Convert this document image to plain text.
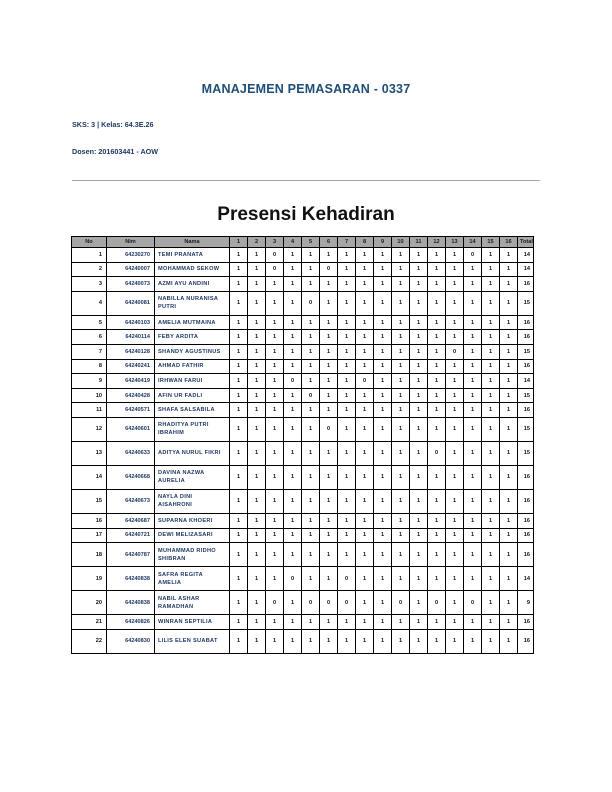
MANAJEMEN PEMASARAN - 0337
SKS: 3 | Kelas: 64.3E.26
Dosen: 201603441 - AOW
Presensi Kehadiran
No	Nim	Nama	1	2	3	4	5	6	7	8	9	10	11	12	13	14	15	16	Total
1	64230270	TEMI PRANATA	1	1	0	1	1	1	1	1	1	1	1	1	1	0	1	1	14
2	64240007	MOHAMMAD SEKOW	1	1	0	1	1	0	1	1	1	1	1	1	1	1	1	1	14
3	64240073	AZMI AYU ANDINI	1	1	1	1	1	1	1	1	1	1	1	1	1	1	1	1	16
4	64240081	NABILLA NURANISA PUTRI	1	1	1	1	0	1	1	1	1	1	1	1	1	1	1	1	15
5	64240103	AMELIA MUTMAINA	1	1	1	1	1	1	1	1	1	1	1	1	1	1	1	1	16
6	64240114	FEBY ARDITA	1	1	1	1	1	1	1	1	1	1	1	1	1	1	1	1	16
7	64240128	SHANDY AGUSTINUS	1	1	1	1	1	1	1	1	1	1	1	1	0	1	1	1	15
8	64240241	AHMAD FATHIR	1	1	1	1	1	1	1	1	1	1	1	1	1	1	1	1	16
9	64240419	IRHWAN FARUI	1	1	1	0	1	1	1	0	1	1	1	1	1	1	1	1	14
10	64240428	AFIN UR FADLI	1	1	1	1	0	1	1	1	1	1	1	1	1	1	1	1	15
11	64240571	SHAFA SALSABILA	1	1	1	1	1	1	1	1	1	1	1	1	1	1	1	1	16
12	64240601	RHADITYA PUTRI IBRAHIM	1	1	1	1	1	0	1	1	1	1	1	1	1	1	1	1	15
13	64240633	ADITYA NURUL FIKRI	1	1	1	1	1	1	1	1	1	1	1	0	1	1	1	1	15
14	64240668	DAVINA NAZWA AURELIA	1	1	1	1	1	1	1	1	1	1	1	1	1	1	1	1	16
15	64240673	NAYLA DINI AISAHRONI	1	1	1	1	1	1	1	1	1	1	1	1	1	1	1	1	16
16	64240687	SUPARNA KHOERI	1	1	1	1	1	1	1	1	1	1	1	1	1	1	1	1	16
17	64240721	DEWI MELIZASARI	1	1	1	1	1	1	1	1	1	1	1	1	1	1	1	1	16
18	64240787	MUHAMMAD RIDHO SHIBRAN	1	1	1	1	1	1	1	1	1	1	1	1	1	1	1	1	16
19	64240838	SAFRA REGITA AMELIA	1	1	1	0	1	1	0	1	1	1	1	1	1	1	1	1	14
20	64240838	NABIL ASHAR RAMADHAN	1	1	0	1	0	0	0	1	1	0	1	0	1	0	1	1	9
21	64240826	WINRAN SEPTILIA	1	1	1	1	1	1	1	1	1	1	1	1	1	1	1	1	16
22	64240830	LILIS ELEN SUABAT	1	1	1	1	1	1	1	1	1	1	1	1	1	1	1	1	16
